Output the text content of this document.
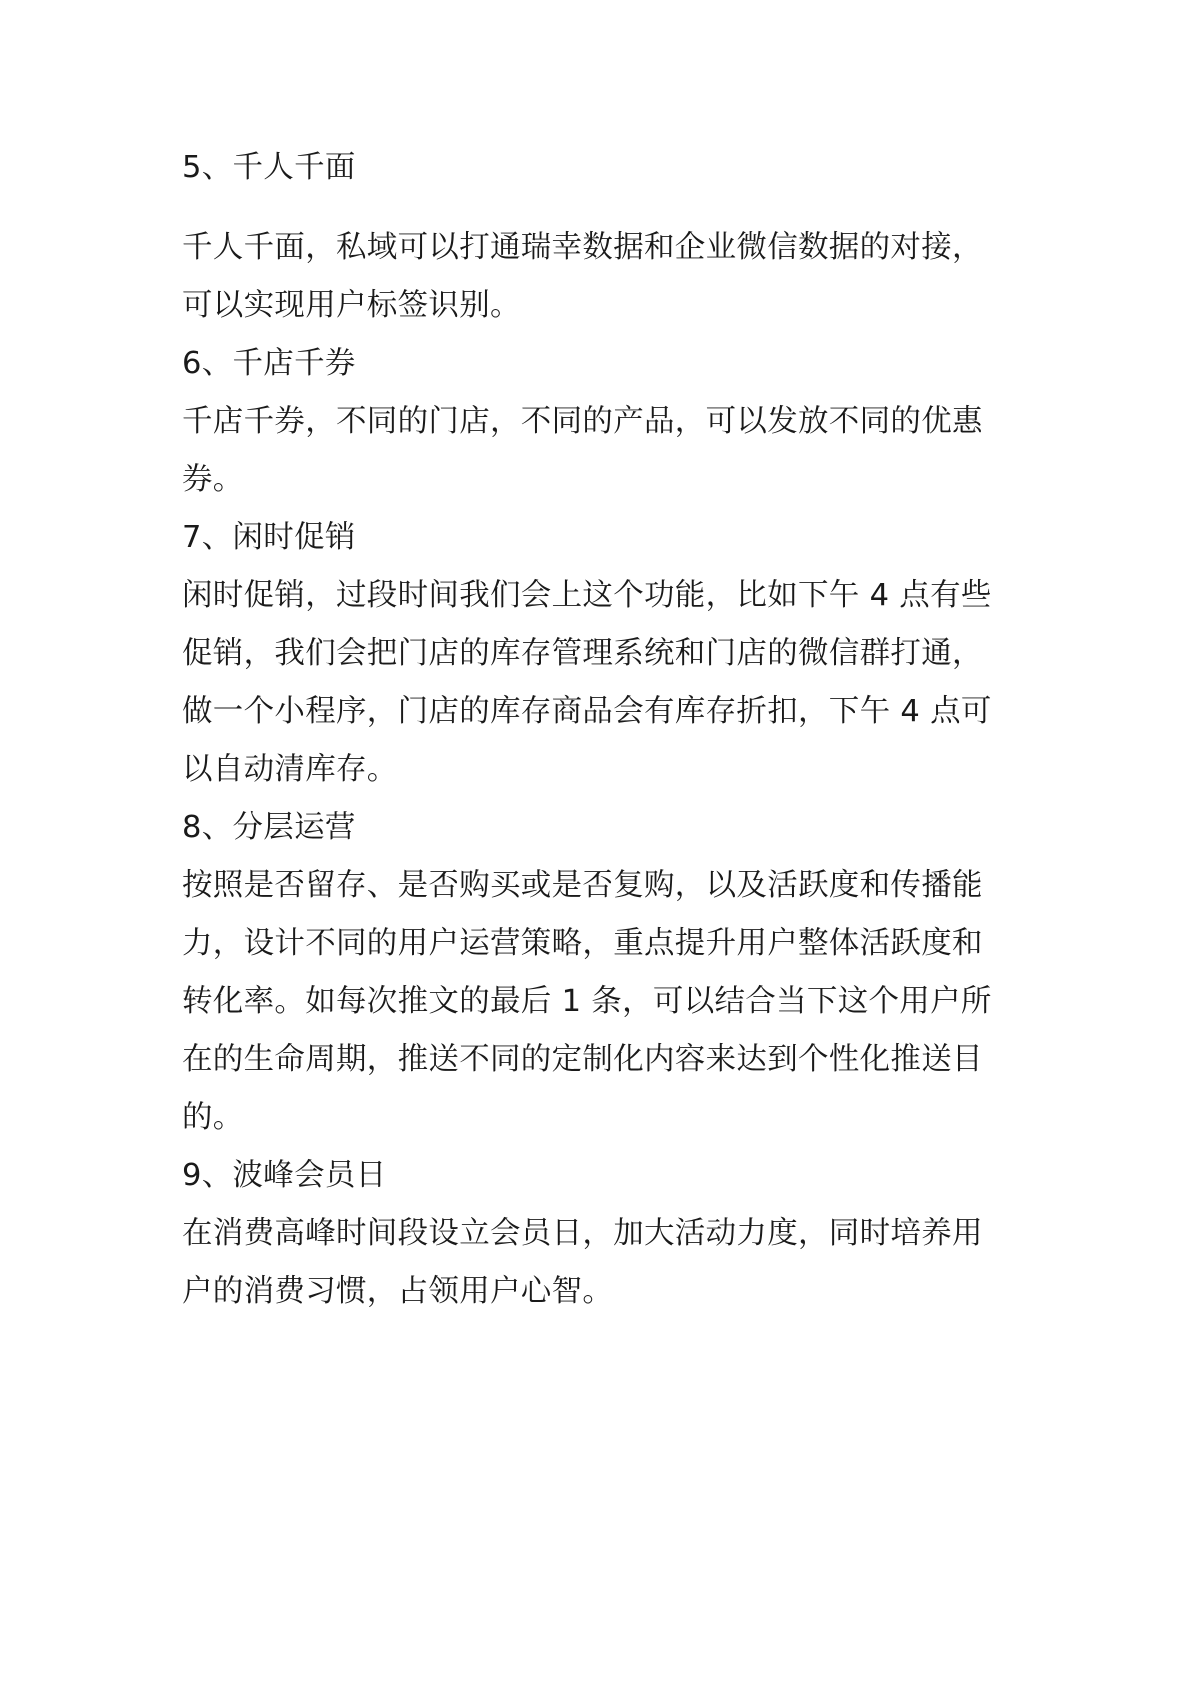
5、千人千面
千人千面，私域可以打通瑞幸数据和企业微信数据的对接，
可以实现用户标签识别。
6、千店千券
千店千券，不同的门店，不同的产品，可以发放不同的优惠
券。
7、闲时促销
闲时促销，过段时间我们会上这个功能，比如下午 4 点有些
促销，我们会把门店的库存管理系统和门店的微信群打通，
做一个小程序，门店的库存商品会有库存折扣，下午 4 点可
以自动清库存。
8、分层运营
按照是否留存、是否购买或是否复购，以及活跃度和传播能
力，设计不同的用户运营策略，重点提升用户整体活跃度和
转化率。如每次推文的最后 1 条，可以结合当下这个用户所
在的生命周期，推送不同的定制化内容来达到个性化推送目
的。
9、波峰会员日
在消费高峰时间段设立会员日，加大活动力度，同时培养用
户的消费习惯，占领用户心智。
